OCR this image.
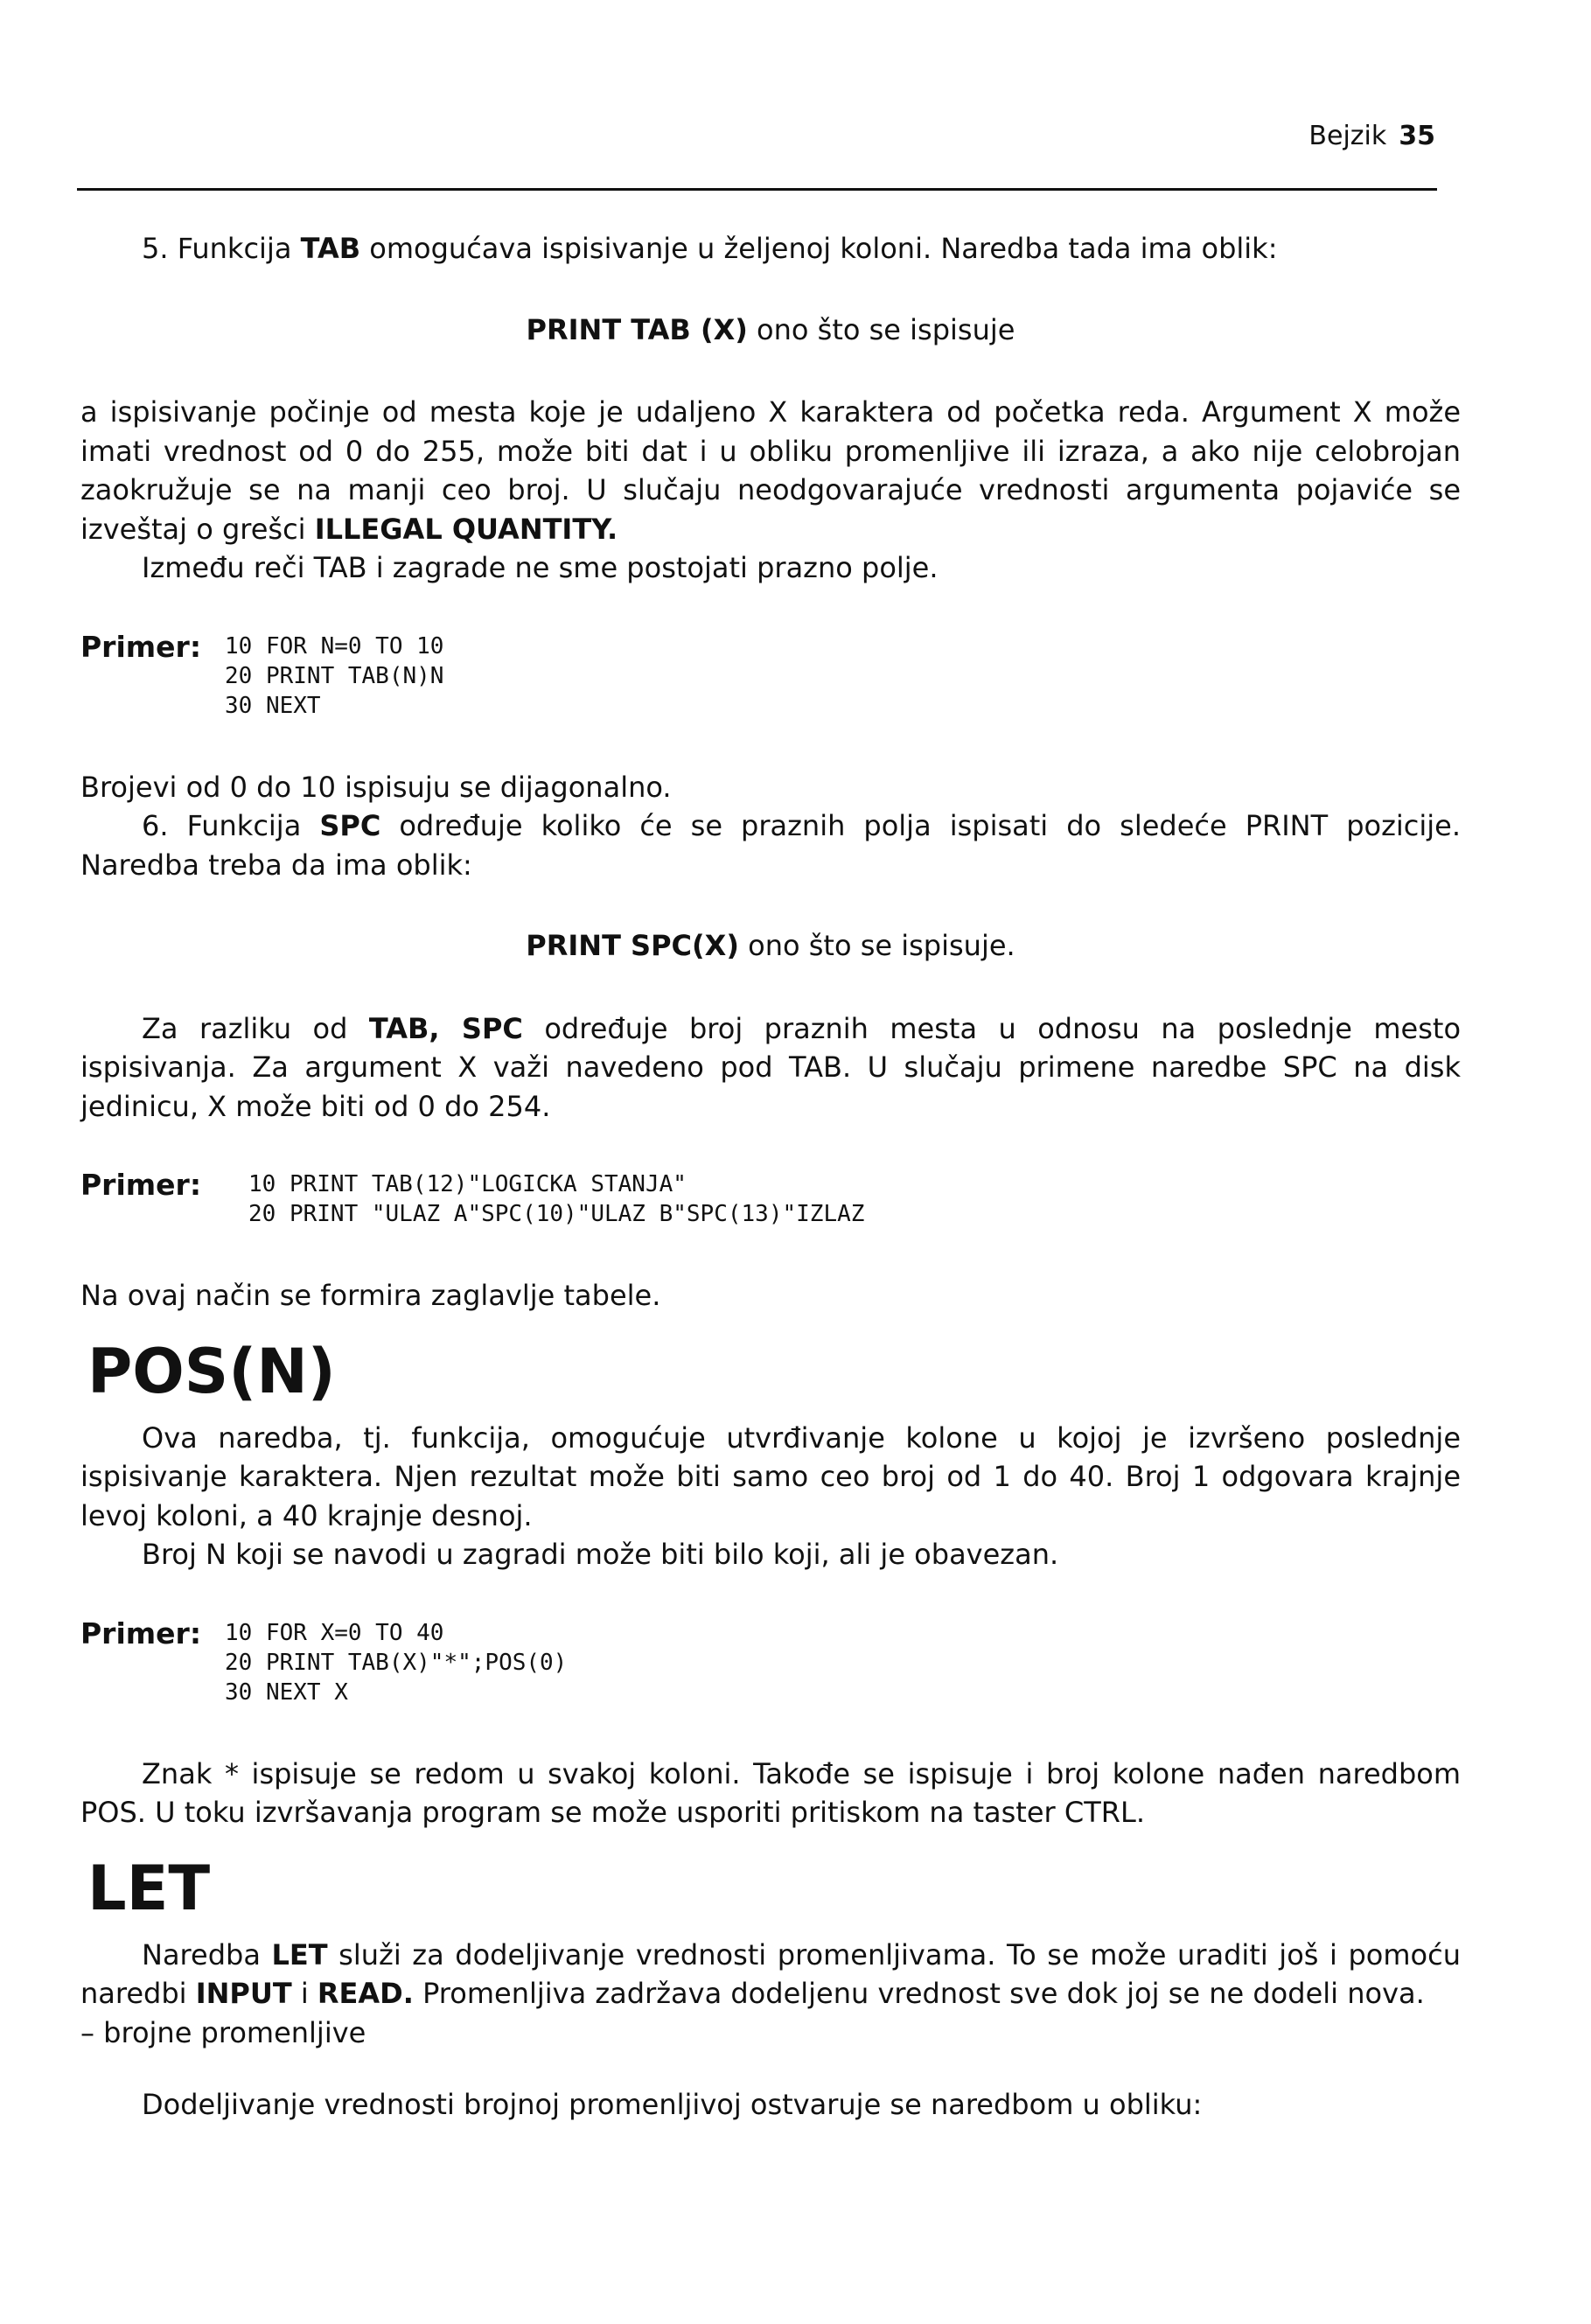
Bejzik 35

5. Funkcija TAB omogućava ispisivanje u željenoj koloni. Naredba tada ima oblik:

PRINT TAB (X) ono što se ispisuje

a ispisivanje počinje od mesta koje je udaljeno X karaktera od početka reda. Argument X može imati vrednost od 0 do 255, može biti dat i u obliku promenljive ili izraza, a ako nije celobrojan zaokružuje se na manji ceo broj. U slučaju neodgovarajuće vrednosti argumenta pojaviće se izveštaj o grešci ILLEGAL QUANTITY.

Između reči TAB i zagrade ne sme postojati prazno polje.

Primer: 10 FOR N=0 TO 10
20 PRINT TAB(N)N
30 NEXT

Brojevi od 0 do 10 ispisuju se dijagonalno.

6. Funkcija SPC određuje koliko će se praznih polja ispisati do sledeće PRINT pozicije. Naredba treba da ima oblik:

PRINT SPC(X) ono što se ispisuje.

Za razliku od TAB, SPC određuje broj praznih mesta u odnosu na poslednje mesto ispisivanja. Za argument X važi navedeno pod TAB. U slučaju primene naredbe SPC na disk jedinicu, X može biti od 0 do 254.

Primer: 10 PRINT TAB(12)"LOGICKA STANJA"
20 PRINT "ULAZ A"SPC(10)"ULAZ B"SPC(13)"IZLAZ

Na ovaj način se formira zaglavlje tabele.

POS(N)

Ova naredba, tj. funkcija, omogućuje utvrđivanje kolone u kojoj je izvršeno poslednje ispisivanje karaktera. Njen rezultat može biti samo ceo broj od 1 do 40. Broj 1 odgovara krajnje levoj koloni, a 40 krajnje desnoj.

Broj N koji se navodi u zagradi može biti bilo koji, ali je obavezan.

Primer: 10 FOR X=0 TO 40
20 PRINT TAB(X)"*";POS(0)
30 NEXT X

Znak * ispisuje se redom u svakoj koloni. Takođe se ispisuje i broj kolone nađen naredbom POS. U toku izvršavanja program se može usporiti pritiskom na taster CTRL.

LET

Naredba LET služi za dodeljivanje vrednosti promenljivama. To se može uraditi još i pomoću naredbi INPUT i READ. Promenljiva zadržava dodeljenu vrednost sve dok joj se ne dodeli nova.

– brojne promenljive

Dodeljivanje vrednosti brojnoj promenljivoj ostvaruje se naredbom u obliku:
